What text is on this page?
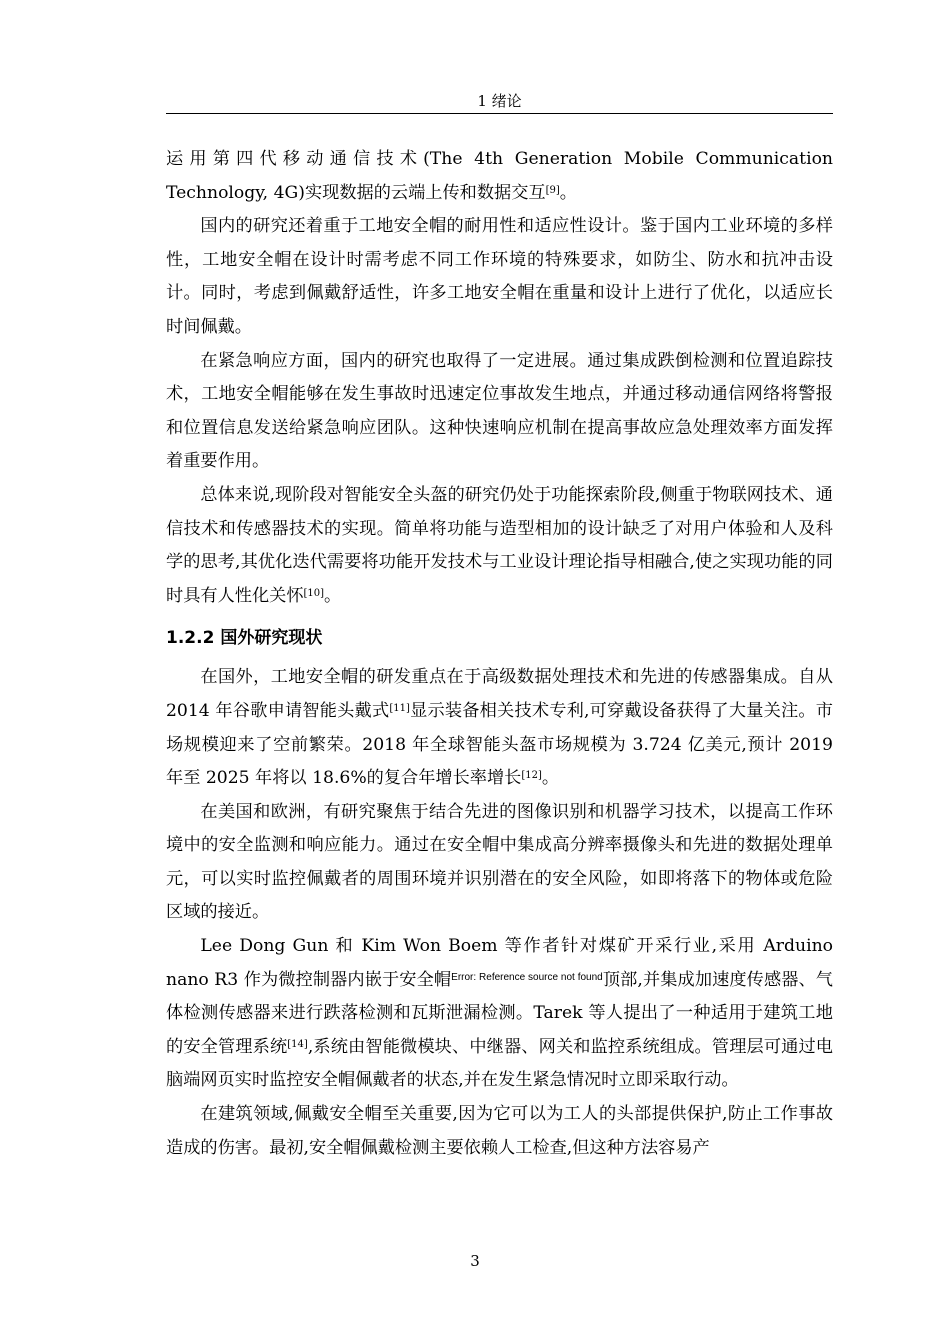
1 绪论

运用第四代移动通信技术(The 4th Generation Mobile Communication Technology, 4G)实现数据的云端上传和数据交互[9]。

国内的研究还着重于工地安全帽的耐用性和适应性设计。鉴于国内工业环境的多样性，工地安全帽在设计时需考虑不同工作环境的特殊要求，如防尘、防水和抗冲击设计。同时，考虑到佩戴舒适性，许多工地安全帽在重量和设计上进行了优化，以适应长时间佩戴。

在紧急响应方面，国内的研究也取得了一定进展。通过集成跌倒检测和位置追踪技术，工地安全帽能够在发生事故时迅速定位事故发生地点，并通过移动通信网络将警报和位置信息发送给紧急响应团队。这种快速响应机制在提高事故应急处理效率方面发挥着重要作用。

总体来说,现阶段对智能安全头盔的研究仍处于功能探索阶段,侧重于物联网技术、通信技术和传感器技术的实现。简单将功能与造型相加的设计缺乏了对用户体验和人及科学的思考,其优化迭代需要将功能开发技术与工业设计理论指导相融合,使之实现功能的同时具有人性化关怀[10]。

1.2.2 国外研究现状

在国外，工地安全帽的研发重点在于高级数据处理技术和先进的传感器集成。自从 2014 年谷歌申请智能头戴式[11]显示装备相关技术专利,可穿戴设备获得了大量关注。市场规模迎来了空前繁荣。2018 年全球智能头盔市场规模为 3.724 亿美元,预计 2019 年至 2025 年将以 18.6%的复合年增长率增长[12]。

在美国和欧洲，有研究聚焦于结合先进的图像识别和机器学习技术，以提高工作环境中的安全监测和响应能力。通过在安全帽中集成高分辨率摄像头和先进的数据处理单元，可以实时监控佩戴者的周围环境并识别潜在的安全风险，如即将落下的物体或危险区域的接近。

Lee Dong Gun 和 Kim Won Boem 等作者针对煤矿开采行业,采用 Arduino nano R3 作为微控制器内嵌于安全帽$^{Error: Reference source not found}$顶部,并集成加速度传感器、气体检测传感器来进行跌落检测和瓦斯泄漏检测。Tarek 等人提出了一种适用于建筑工地的安全管理系统[14],系统由智能微模块、中继器、网关和监控系统组成。管理层可通过电脑端网页实时监控安全帽佩戴者的状态,并在发生紧急情况时立即采取行动。

在建筑领域,佩戴安全帽至关重要,因为它可以为工人的头部提供保护,防止工作事故造成的伤害。最初,安全帽佩戴检测主要依赖人工检查,但这种方法容易产

3
